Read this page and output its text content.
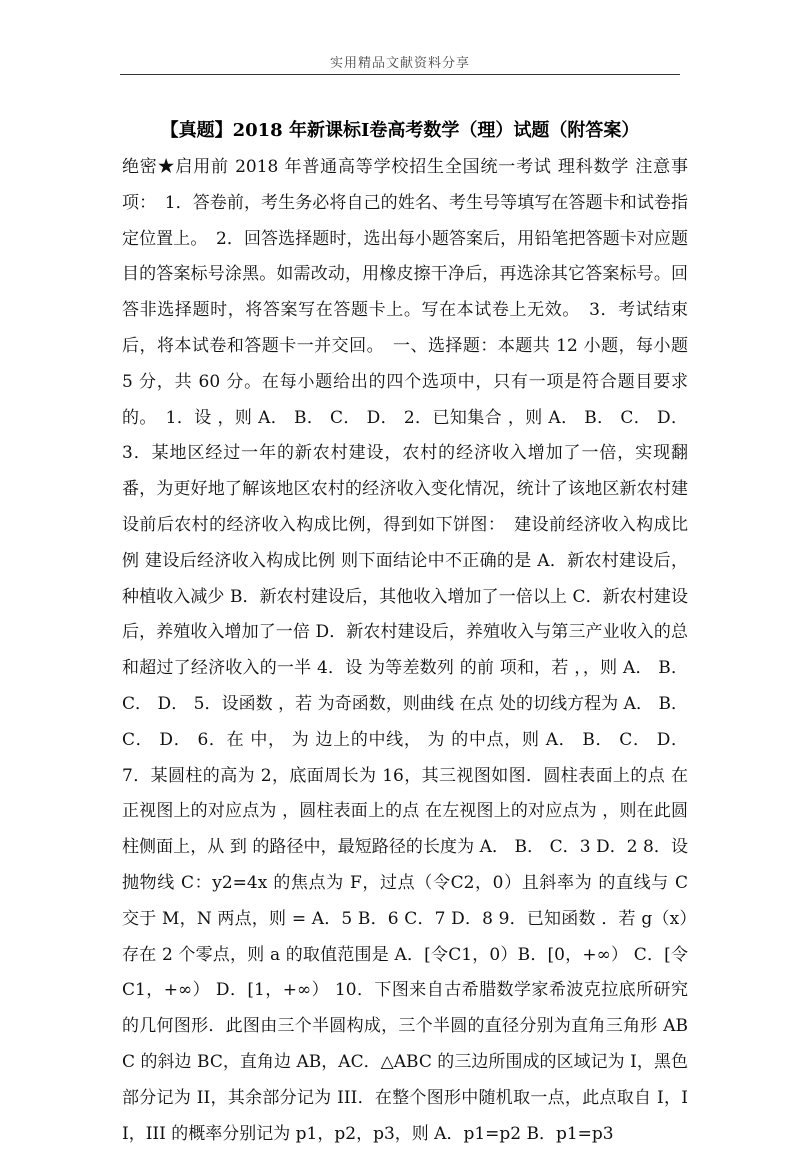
实用精品文献资料分享
【真题】2018 年新课标Ⅰ卷高考数学（理）试题（附答案）
绝密★启用前 2018 年普通高等学校招生全国统一考试 理科数学 注意事项：　1．答卷前，考生务必将自己的姓名、考生号等填写在答题卡和试卷指定位置上。　2．回答选择题时，选出每小题答案后，用铅笔把答题卡对应题目的答案标号涂黑。如需改动，用橡皮擦干净后，再选涂其它答案标号。回答非选择题时，将答案写在答题卡上。写在本试卷上无效。　3．考试结束后，将本试卷和答题卡一并交回。　一、选择题：本题共 12 小题，每小题 5 分，共 60 分。在每小题给出的四个选项中，只有一项是符合题目要求的。　1．设 ，则 A． B． C． D． 2．已知集合 ，则 A． B． C． D． 3．某地区经过一年的新农村建设，农村的经济收入增加了一倍，实现翻番，为更好地了解该地区农村的经济收入变化情况，统计了该地区新农村建设前后农村的经济收入构成比例，得到如下饼图：　建设前经济收入构成比例 建设后经济收入构成比例 则下面结论中不正确的是 A．新农村建设后，种植收入减少 B．新农村建设后，其他收入增加了一倍以上 C．新农村建设后，养殖收入增加了一倍 D．新农村建设后，养殖收入与第三产业收入的总和超过了经济收入的一半 4．设 为等差数列 的前 项和，若 ，，则 A． B． C． D． 5．设函数 ，若 为奇函数，则曲线 在点 处的切线方程为 A． B． C． D． 6．在 中， 为 边上的中线， 为 的中点，则 A． B． C． D． 7．某圆柱的高为 2，底面周长为 16，其三视图如图．圆柱表面上的点 在正视图上的对应点为 ，圆柱表面上的点 在左视图上的对应点为 ，则在此圆柱侧面上，从 到 的路径中，最短路径的长度为 A． B． C．3 D．2 8．设抛物线 C：y2=4x 的焦点为 F，过点（令C2，0）且斜率为 的直线与 C 交于 M，N 两点，则 = A．5 B．6 C．7 D．8 9．已知函数 ．若 g（x）存在 2 个零点，则 a 的取值范围是 A．[令C1，0）B．[0，+∞） C．[令C1，+∞） D．[1，+∞） 10．下图来自古希腊数学家希波克拉底所研究的几何图形．此图由三个半圆构成，三个半圆的直径分别为直角三角形 ABC 的斜边 BC，直角边 AB，AC．△ABC 的三边所围成的区域记为 I，黑色部分记为 II，其余部分记为 III．在整个图形中随机取一点，此点取自 I，II，III 的概率分别记为 p1，p2，p3，则 A．p1=p2 B．p1=p3
